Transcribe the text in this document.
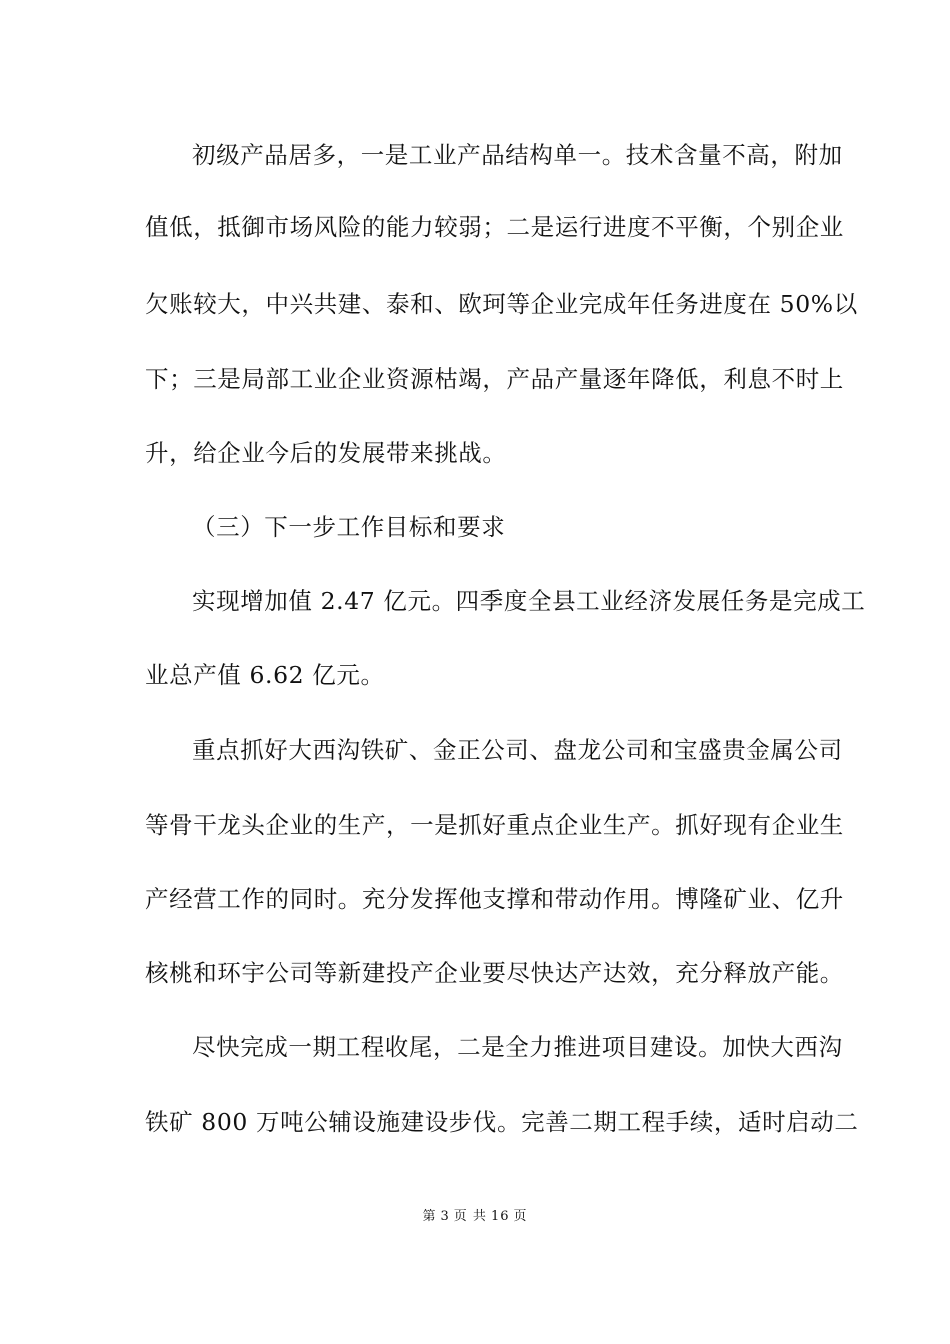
初级产品居多，一是工业产品结构单一。技术含量不高，附加
值低，抵御市场风险的能力较弱；二是运行进度不平衡，个别企业
欠账较大，中兴共建、泰和、欧珂等企业完成年任务进度在 50%以
下；三是局部工业企业资源枯竭，产品产量逐年降低，利息不时上
升，给企业今后的发展带来挑战。
（三）下一步工作目标和要求
实现增加值 2.47 亿元。四季度全县工业经济发展任务是完成工
业总产值 6.62 亿元。
重点抓好大西沟铁矿、金正公司、盘龙公司和宝盛贵金属公司
等骨干龙头企业的生产，一是抓好重点企业生产。抓好现有企业生
产经营工作的同时。充分发挥他支撑和带动作用。博隆矿业、亿升
核桃和环宇公司等新建投产企业要尽快达产达效，充分释放产能。
尽快完成一期工程收尾，二是全力推进项目建设。加快大西沟
铁矿 800 万吨公辅设施建设步伐。完善二期工程手续，适时启动二
第 3 页 共 16 页
